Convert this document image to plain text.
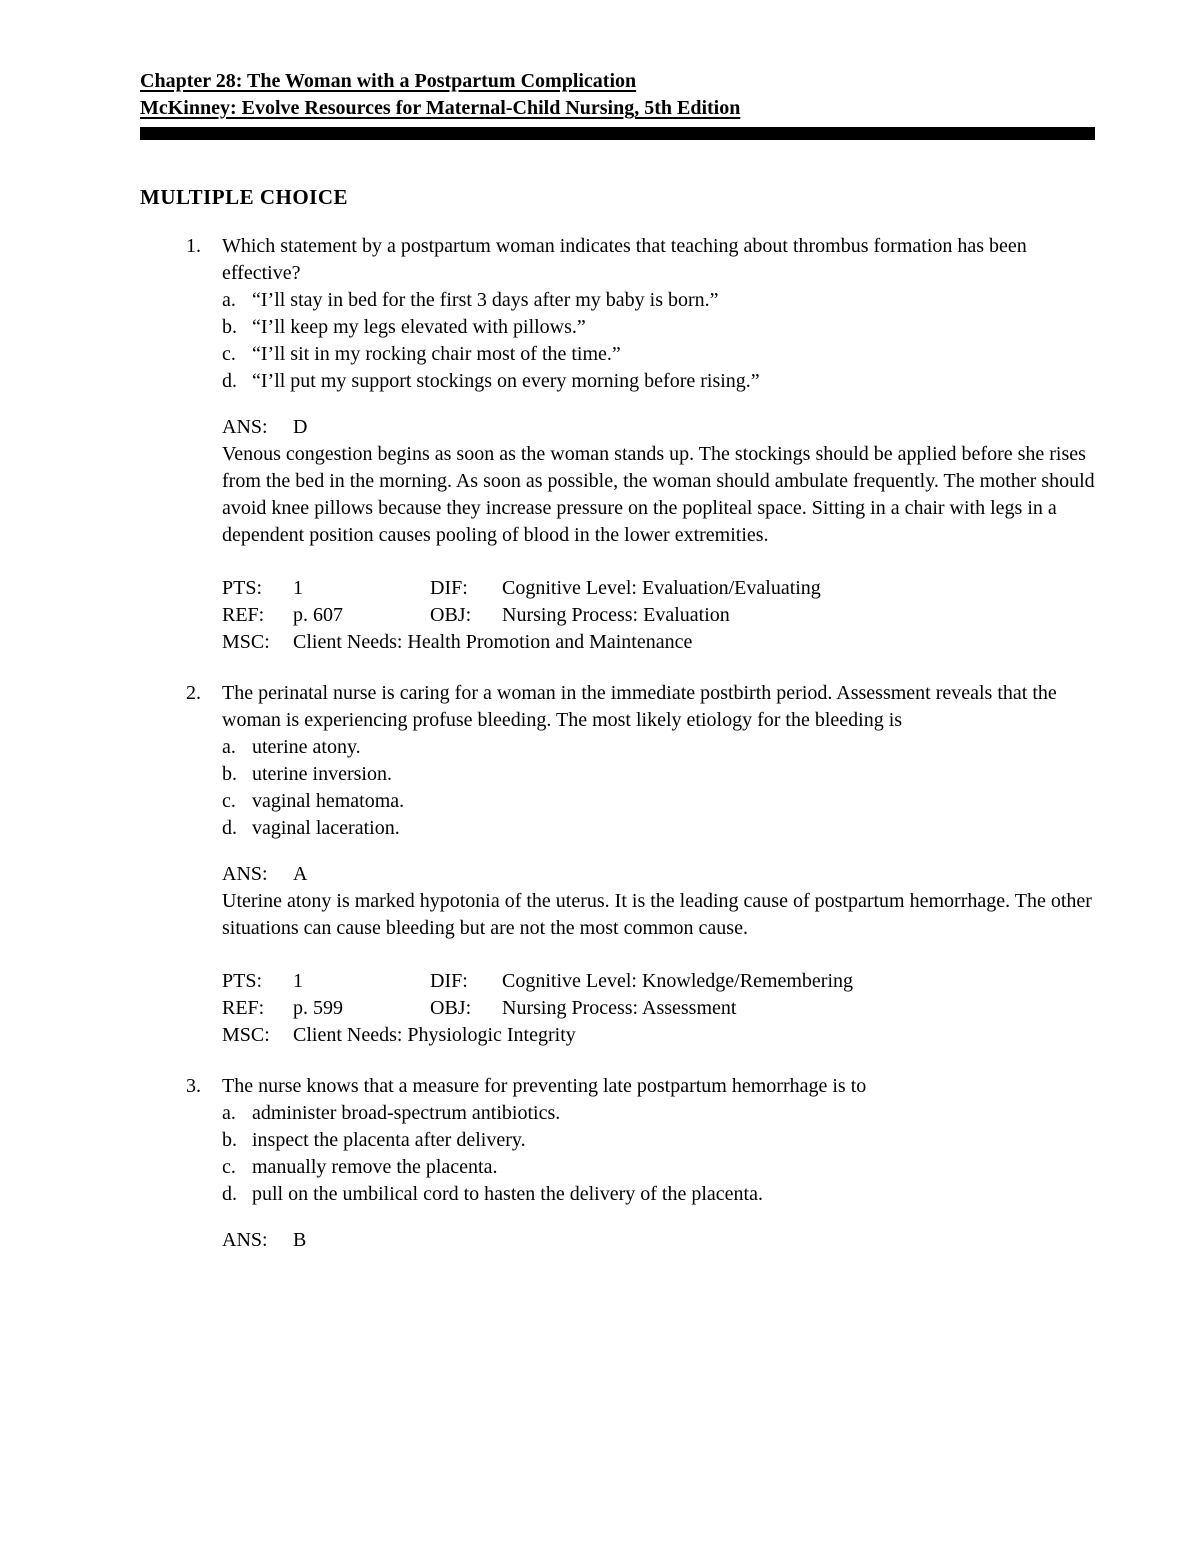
Chapter 28: The Woman with a Postpartum Complication

McKinney: Evolve Resources for Maternal-Child Nursing, 5th Edition

MULTIPLE CHOICE
1.	Which statement by a postpartum woman indicates that teaching about thrombus formation has been effective?

a. “I’ll stay in bed for the first 3 days after my baby is born.”
b. “I’ll keep my legs elevated with pillows.”
c. “I’ll sit in my rocking chair most of the time.”
d. “I’ll put my support stockings on every morning before rising.”
ANS:	D

Venous congestion begins as soon as the woman stands up. The stockings should be applied before she rises from the bed in the morning. As soon as possible, the woman should ambulate frequently. The mother should avoid knee pillows because they increase pressure on the popliteal space. Sitting in a chair with legs in a dependent position causes pooling of blood in the lower extremities.

PTS:	1	DIF:	Cognitive Level: Evaluation/Evaluating
REF:	p. 607	OBJ:	Nursing Process: Evaluation
MSC:	Client Needs: Health Promotion and Maintenance
2.	The perinatal nurse is caring for a woman in the immediate postbirth period. Assessment reveals that the woman is experiencing profuse bleeding. The most likely etiology for the bleeding is

a. uterine atony.
b. uterine inversion.
c. vaginal hematoma.
d. vaginal laceration.
ANS:	A

Uterine atony is marked hypotonia of the uterus. It is the leading cause of postpartum hemorrhage. The other situations can cause bleeding but are not the most common cause.

PTS:	1	DIF:	Cognitive Level: Knowledge/Remembering
REF:	p. 599	OBJ:	Nursing Process: Assessment
MSC:	Client Needs: Physiologic Integrity
3.	The nurse knows that a measure for preventing late postpartum hemorrhage is to

a. administer broad-spectrum antibiotics.
b. inspect the placenta after delivery.
c. manually remove the placenta.
d. pull on the umbilical cord to hasten the delivery of the placenta.
ANS:	B
